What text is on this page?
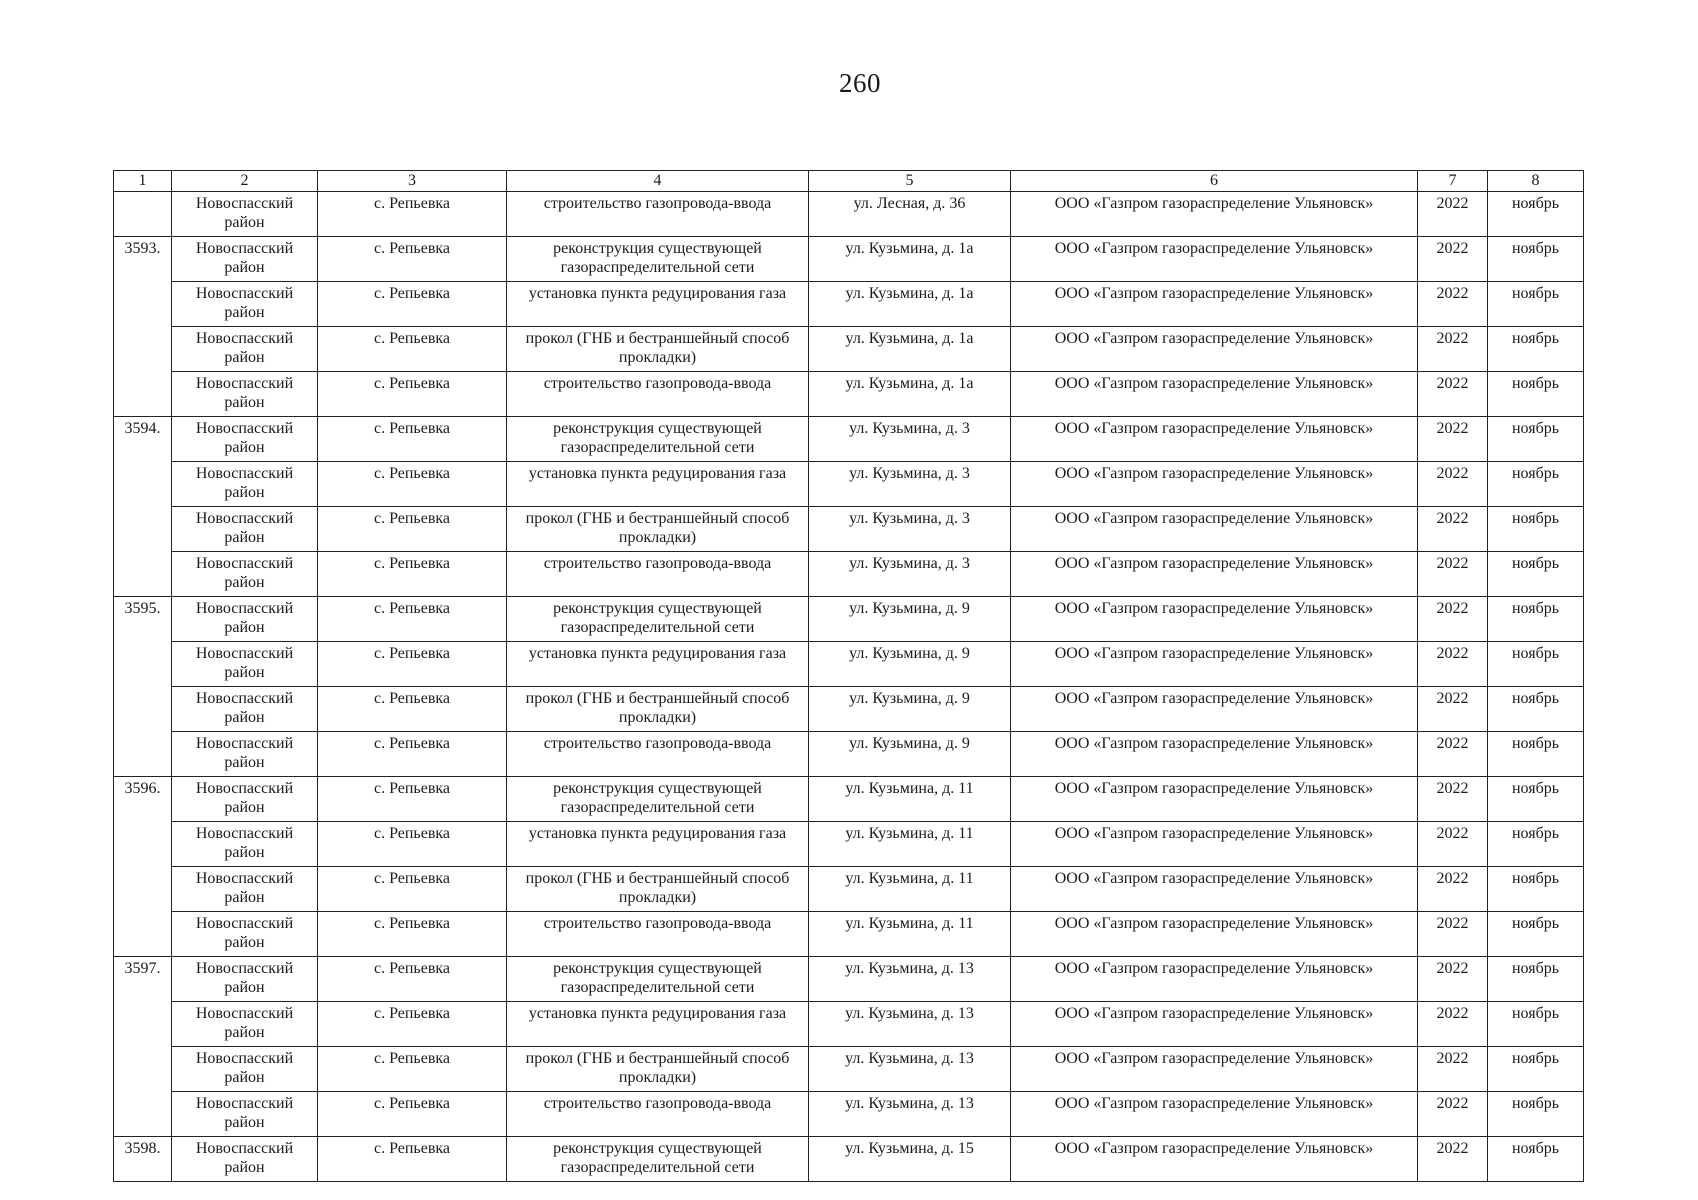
260
1	2	3	4	5	6	7	8
	Новоспасский район	с. Репьевка	строительство газопровода-ввода	ул. Лесная, д. 36	ООО «Газпром газораспределение Ульяновск»	2022	ноябрь
3593.	Новоспасский район	с. Репьевка	реконструкция существующей газораспределительной сети	ул. Кузьмина, д. 1а	ООО «Газпром газораспределение Ульяновск»	2022	ноябрь
	Новоспасский район	с. Репьевка	установка пункта редуцирования газа	ул. Кузьмина, д. 1а	ООО «Газпром газораспределение Ульяновск»	2022	ноябрь
	Новоспасский район	с. Репьевка	прокол (ГНБ и бестраншейный способ прокладки)	ул. Кузьмина, д. 1а	ООО «Газпром газораспределение Ульяновск»	2022	ноябрь
	Новоспасский район	с. Репьевка	строительство газопровода-ввода	ул. Кузьмина, д. 1а	ООО «Газпром газораспределение Ульяновск»	2022	ноябрь
3594.	Новоспасский район	с. Репьевка	реконструкция существующей газораспределительной сети	ул. Кузьмина, д. 3	ООО «Газпром газораспределение Ульяновск»	2022	ноябрь
	Новоспасский район	с. Репьевка	установка пункта редуцирования газа	ул. Кузьмина, д. 3	ООО «Газпром газораспределение Ульяновск»	2022	ноябрь
	Новоспасский район	с. Репьевка	прокол (ГНБ и бестраншейный способ прокладки)	ул. Кузьмина, д. 3	ООО «Газпром газораспределение Ульяновск»	2022	ноябрь
	Новоспасский район	с. Репьевка	строительство газопровода-ввода	ул. Кузьмина, д. 3	ООО «Газпром газораспределение Ульяновск»	2022	ноябрь
3595.	Новоспасский район	с. Репьевка	реконструкция существующей газораспределительной сети	ул. Кузьмина, д. 9	ООО «Газпром газораспределение Ульяновск»	2022	ноябрь
	Новоспасский район	с. Репьевка	установка пункта редуцирования газа	ул. Кузьмина, д. 9	ООО «Газпром газораспределение Ульяновск»	2022	ноябрь
	Новоспасский район	с. Репьевка	прокол (ГНБ и бестраншейный способ прокладки)	ул. Кузьмина, д. 9	ООО «Газпром газораспределение Ульяновск»	2022	ноябрь
	Новоспасский район	с. Репьевка	строительство газопровода-ввода	ул. Кузьмина, д. 9	ООО «Газпром газораспределение Ульяновск»	2022	ноябрь
3596.	Новоспасский район	с. Репьевка	реконструкция существующей газораспределительной сети	ул. Кузьмина, д. 11	ООО «Газпром газораспределение Ульяновск»	2022	ноябрь
	Новоспасский район	с. Репьевка	установка пункта редуцирования газа	ул. Кузьмина, д. 11	ООО «Газпром газораспределение Ульяновск»	2022	ноябрь
	Новоспасский район	с. Репьевка	прокол (ГНБ и бестраншейный способ прокладки)	ул. Кузьмина, д. 11	ООО «Газпром газораспределение Ульяновск»	2022	ноябрь
	Новоспасский район	с. Репьевка	строительство газопровода-ввода	ул. Кузьмина, д. 11	ООО «Газпром газораспределение Ульяновск»	2022	ноябрь
3597.	Новоспасский район	с. Репьевка	реконструкция существующей газораспределительной сети	ул. Кузьмина, д. 13	ООО «Газпром газораспределение Ульяновск»	2022	ноябрь
	Новоспасский район	с. Репьевка	установка пункта редуцирования газа	ул. Кузьмина, д. 13	ООО «Газпром газораспределение Ульяновск»	2022	ноябрь
	Новоспасский район	с. Репьевка	прокол (ГНБ и бестраншейный способ прокладки)	ул. Кузьмина, д. 13	ООО «Газпром газораспределение Ульяновск»	2022	ноябрь
	Новоспасский район	с. Репьевка	строительство газопровода-ввода	ул. Кузьмина, д. 13	ООО «Газпром газораспределение Ульяновск»	2022	ноябрь
3598.	Новоспасский район	с. Репьевка	реконструкция существующей газораспределительной сети	ул. Кузьмина, д. 15	ООО «Газпром газораспределение Ульяновск»	2022	ноябрь
